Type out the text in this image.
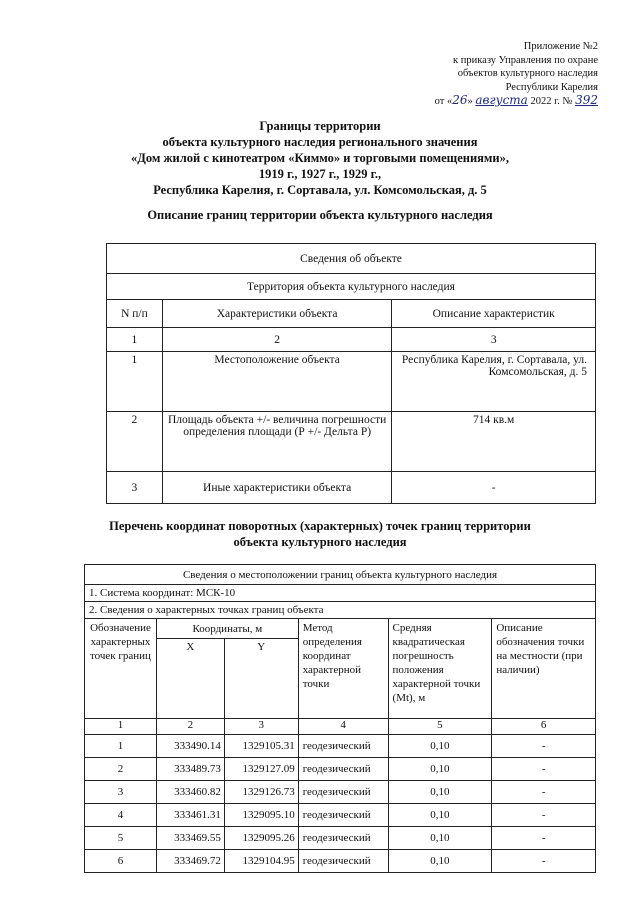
Приложение №2
к приказу Управления по охране
объектов культурного наследия
Республики Карелия
от «26» августа 2022 г. № 392
Границы территории
объекта культурного наследия регионального значения
«Дом жилой с кинотеатром «Киммо» и торговыми помещениями»,
1919 г., 1927 г., 1929 г.,
Республика Карелия, г. Сортавала, ул. Комсомольская, д. 5
Описание границ территории объекта культурного наследия
Сведения об объекте		
Территория объекта культурного наследия		
N п/п	Характеристики объекта	Описание характеристик
1	2	3
1	Местоположение объекта	Республика Карелия, г. Сортавала, ул. Комсомольская, д. 5
2	Площадь объекта +/- величина погрешности определения площади (Р +/- Дельта Р)	714 кв.м
3	Иные характеристики объекта	-
Перечень координат поворотных (характерных) точек границ территории
объекта культурного наследия
Сведения о местоположении границ объекта культурного наследия					
1. Система координат: МСК-10					
2. Сведения о характерных точках границ объекта					
Обозначение характерных точек границ	Координаты, м		Метод определения координат характерной точки	Средняя квадратическая погрешность положения характерной точки (Mt), м	Описание обозначения точки на местности (при наличии)
	X	Y			
1	2	3	4	5	6
1	333490.14	1329105.31	геодезический	0,10	-
2	333489.73	1329127.09	геодезический	0,10	-
3	333460.82	1329126.73	геодезический	0,10	-
4	333461.31	1329095.10	геодезический	0,10	-
5	333469.55	1329095.26	геодезический	0,10	-
6	333469.72	1329104.95	геодезический	0,10	-
